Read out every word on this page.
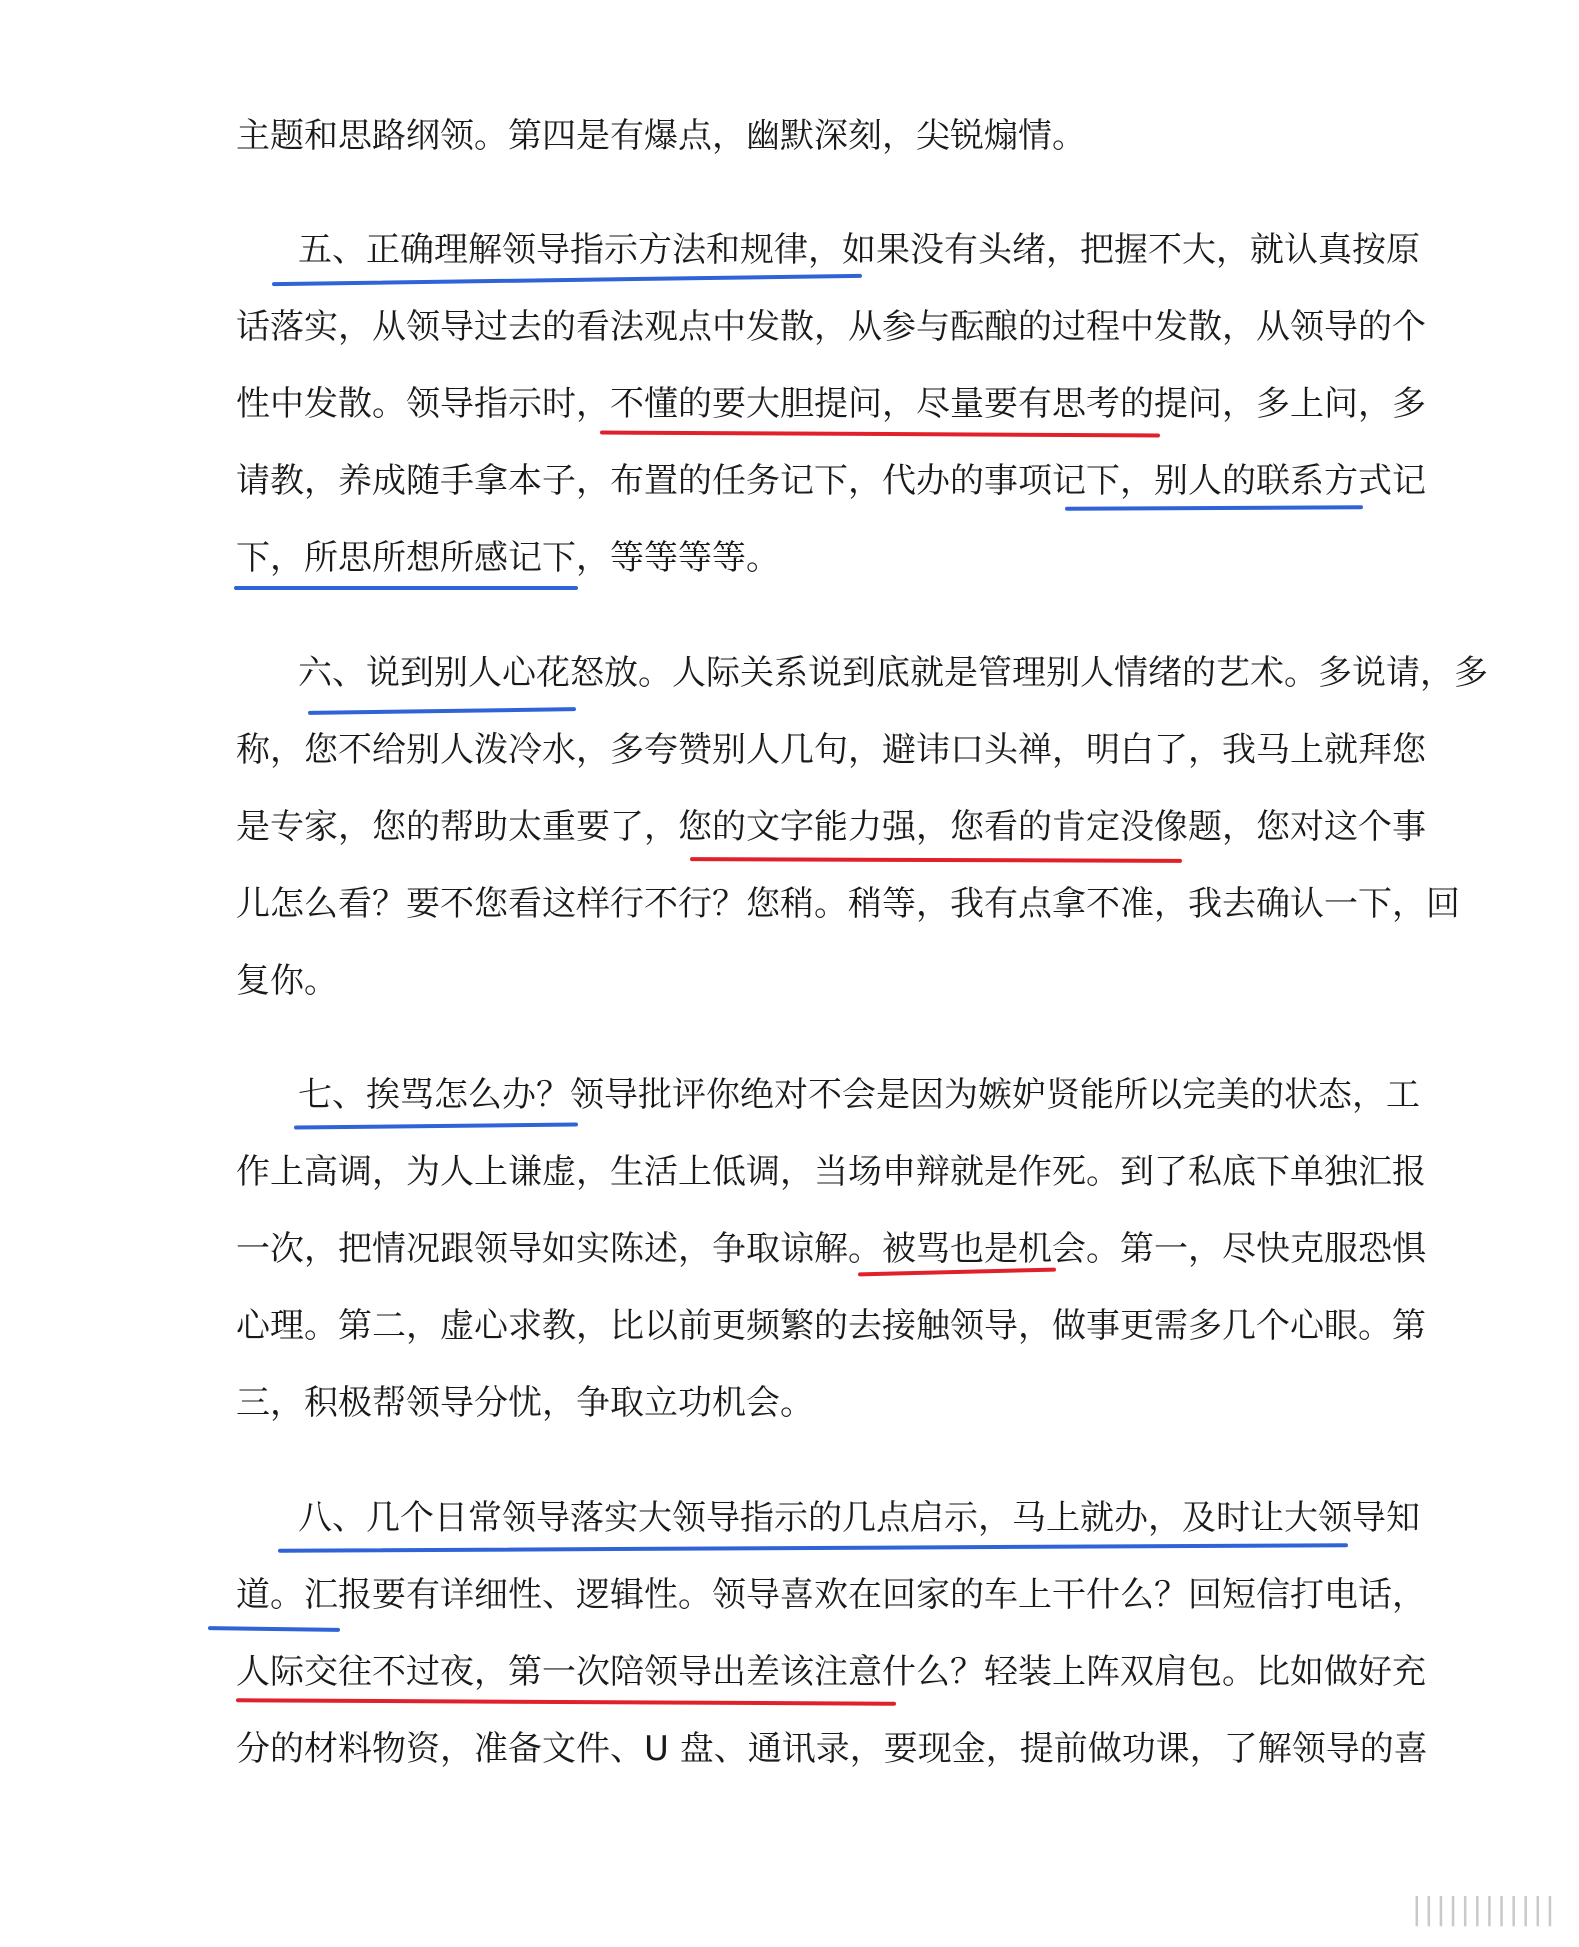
主题和思路纲领。第四是有爆点，幽默深刻，尖锐煽情。
五、正确理解领导指示方法和规律，如果没有头绪，把握不大，就认真按原
话落实，从领导过去的看法观点中发散，从参与酝酿的过程中发散，从领导的个
性中发散。领导指示时，不懂的要大胆提问，尽量要有思考的提问，多上问，多
请教，养成随手拿本子，布置的任务记下，代办的事项记下，别人的联系方式记
下，所思所想所感记下，等等等等。
六、说到别人心花怒放。人际关系说到底就是管理别人情绪的艺术。多说请，多
称，您不给别人泼冷水，多夸赞别人几句，避讳口头禅，明白了，我马上就拜您
是专家，您的帮助太重要了，您的文字能力强，您看的肯定没像题，您对这个事
儿怎么看？要不您看这样行不行？您稍。稍等，我有点拿不准，我去确认一下，回
复你。
七、挨骂怎么办？领导批评你绝对不会是因为嫉妒贤能所以完美的状态，工
作上高调，为人上谦虚，生活上低调，当场申辩就是作死。到了私底下单独汇报
一次，把情况跟领导如实陈述，争取谅解。被骂也是机会。第一，尽快克服恐惧
心理。第二，虚心求教，比以前更频繁的去接触领导，做事更需多几个心眼。第
三，积极帮领导分忧，争取立功机会。
八、几个日常领导落实大领导指示的几点启示，马上就办，及时让大领导知
道。汇报要有详细性、逻辑性。领导喜欢在回家的车上干什么？回短信打电话，
人际交往不过夜，第一次陪领导出差该注意什么？轻装上阵双肩包。比如做好充
分的材料物资，准备文件、U 盘、通讯录，要现金，提前做功课，了解领导的喜
||||||||||||
